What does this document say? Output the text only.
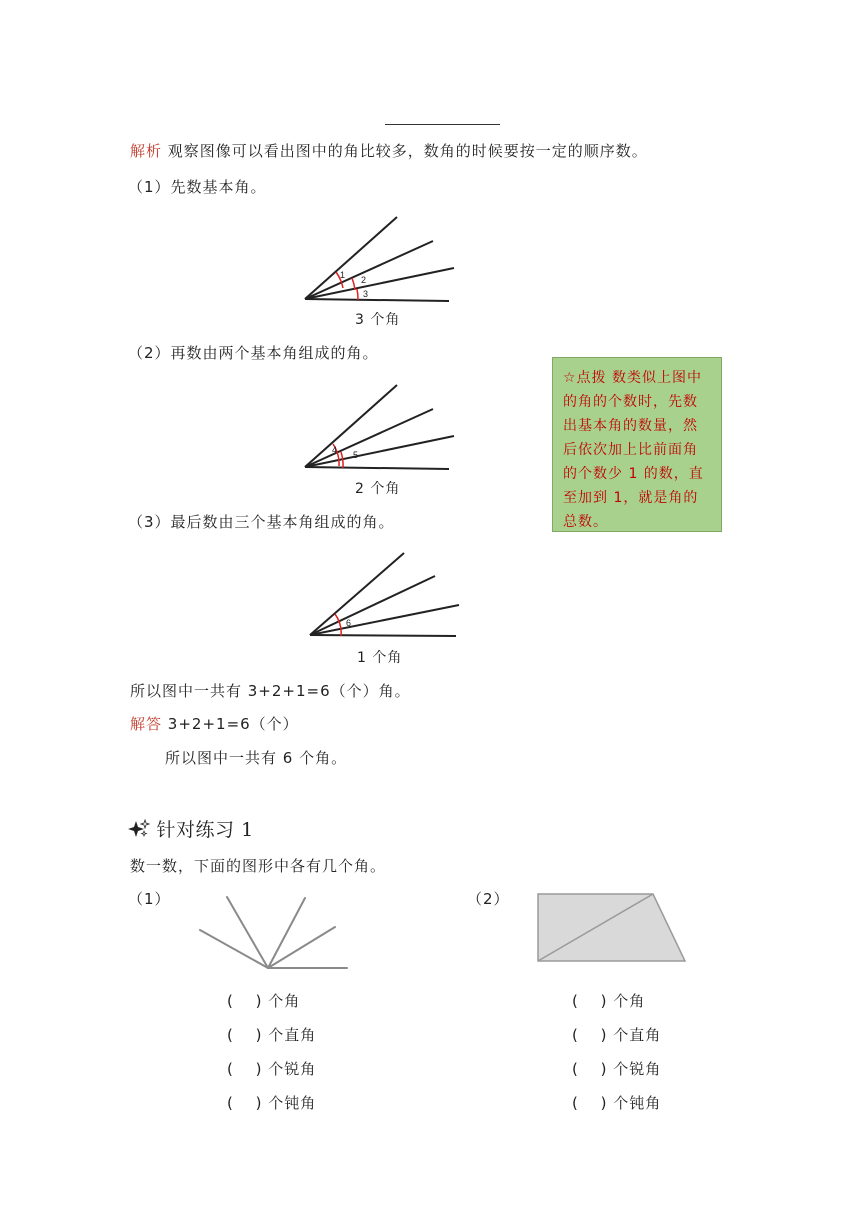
解析 观察图像可以看出图中的角比较多，数角的时候要按一定的顺序数。
（1）先数基本角。
1 2
3
3 个角
（2）再数由两个基本角组成的角。
4 5
2 个角
（3）最后数由三个基本角组成的角。
6
1 个角
所以图中一共有 3+2+1=6（个）角。
解答 3+2+1=6（个）
所以图中一共有 6 个角。
☆点拨 数类似上图中的角的个数时，先数出基本角的数量，然后依次加上比前面角的个数少 1 的数，直至加到 1，就是角的总数。
针对练习 1
数一数，下面的图形中各有几个角。
（1）
(　 ) 个角
(　 ) 个直角
(　 ) 个锐角
(　 ) 个钝角
（2）
(　 ) 个角
(　 ) 个直角
(　 ) 个锐角
(　 ) 个钝角
